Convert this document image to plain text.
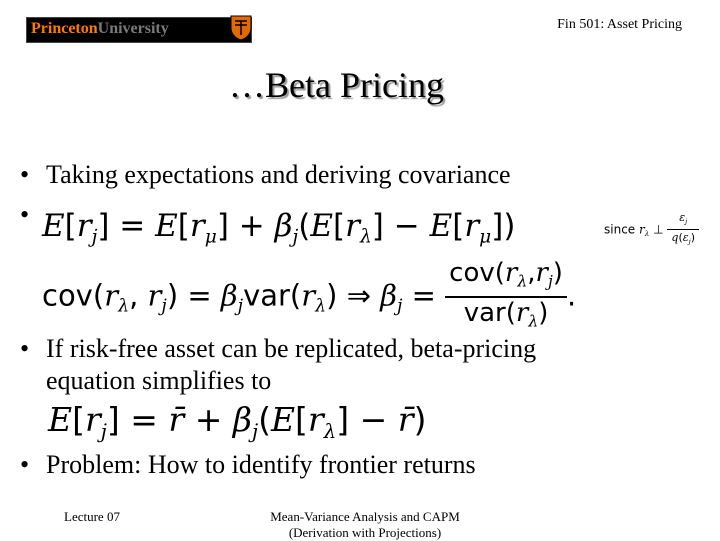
PrincetonUniversity	Fin 501: Asset Pricing
…Beta Pricing
• Taking expectations and deriving covariance
• $E[r_j] = E[r_\mu] + \beta_j(E[r_\lambda] - E[r_\mu])$	since $r_\lambda$ ⊥ $\frac{\varepsilon_j}{q(\varepsilon_j)}$
$cov(r_\lambda$, $r_j) = \beta_jvar(r_\lambda)$ ⇒ $\beta_j = \frac{cov(r_\lambda,r_j)}{var(r_\lambda)}$ .
• If risk-free asset can be replicated, beta-pricing
equation simplifies to
$E[r_j]$ = r̄ + $\beta_j(E[r_\lambda]$ − r̄)
• Problem: How to identify frontier returns
Lecture 07	Mean-Variance Analysis and CAPM
(Derivation with Projections)
